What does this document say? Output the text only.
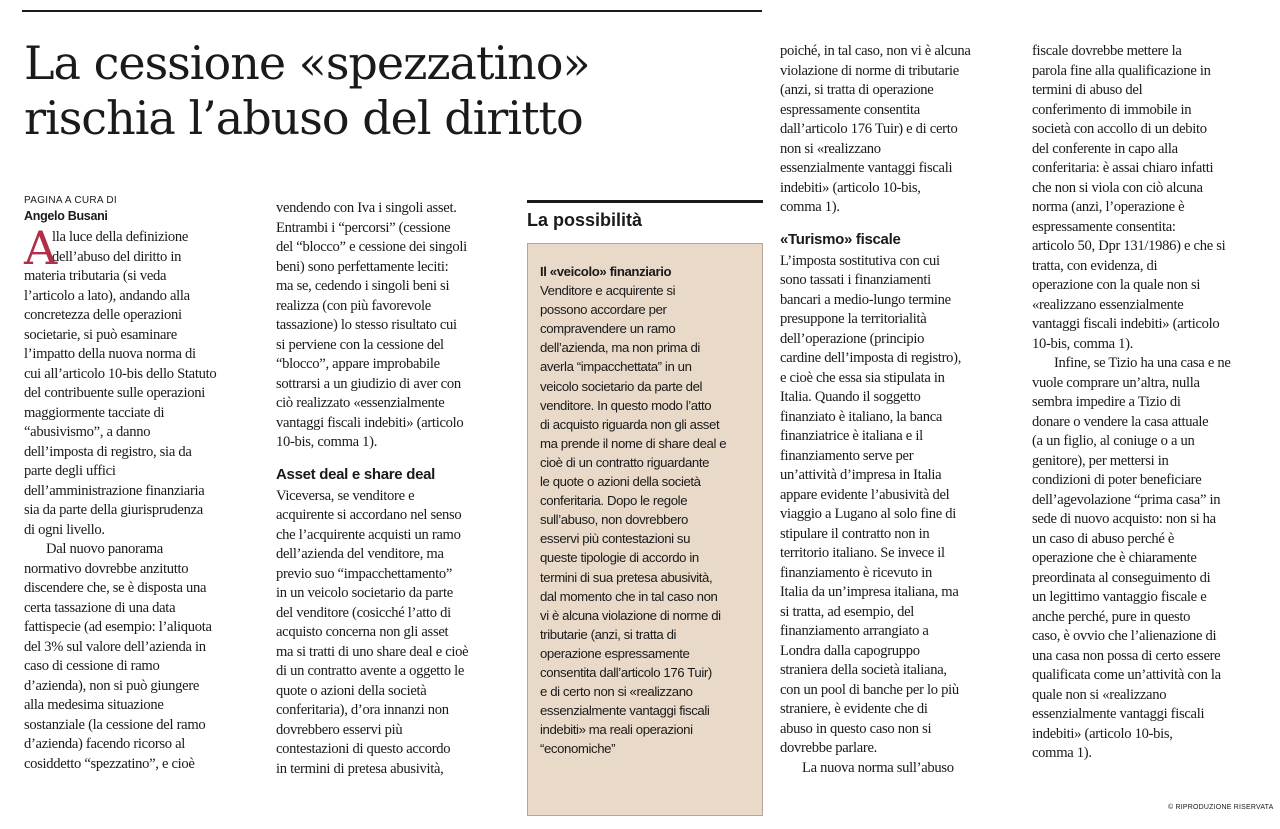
La cessione «spezzatino»
rischia l’abuso del diritto
PAGINA A CURA DI
Angelo Busani
A
lla luce della definizione
dell’abuso del diritto in
materia tributaria (si veda
l’articolo a lato), andando alla
concretezza delle operazioni
societarie, si può esaminare
l’impatto della nuova norma di
cui all’articolo 10-bis dello Statuto
del contribuente sulle operazioni
maggiormente tacciate di
“abusivismo”, a danno
dell’imposta di registro, sia da
parte degli uffici
dell’amministrazione finanziaria
sia da parte della giurisprudenza
di ogni livello.
Dal nuovo panorama
normativo dovrebbe anzitutto
discendere che, se è disposta una
certa tassazione di una data
fattispecie (ad esempio: l’aliquota
del 3% sul valore dell’azienda in
caso di cessione di ramo
d’azienda), non si può giungere
alla medesima situazione
sostanziale (la cessione del ramo
d’azienda) facendo ricorso al
cosiddetto “spezzatino”, e cioè
vendendo con Iva i singoli asset.
Entrambi i “percorsi” (cessione
del “blocco” e cessione dei singoli
beni) sono perfettamente leciti:
ma se, cedendo i singoli beni si
realizza (con più favorevole
tassazione) lo stesso risultato cui
si perviene con la cessione del
“blocco”, appare improbabile
sottrarsi a un giudizio di aver con
ciò realizzato «essenzialmente
vantaggi fiscali indebiti» (articolo
10-bis, comma 1).
Asset deal e share deal
Viceversa, se venditore e
acquirente si accordano nel senso
che l’acquirente acquisti un ramo
dell’azienda del venditore, ma
previo suo “impacchettamento”
in un veicolo societario da parte
del venditore (cosicché l’atto di
acquisto concerna non gli asset
ma si tratti di uno share deal e cioè
di un contratto avente a oggetto le
quote o azioni della società
conferitaria), d’ora innanzi non
dovrebbero esservi più
contestazioni di questo accordo
in termini di pretesa abusività,
La possibilità
Il «veicolo» finanziario
Venditore e acquirente si
possono accordare per
compravendere un ramo
dell’azienda, ma non prima di
averla “impacchettata” in un
veicolo societario da parte del
venditore. In questo modo l’atto
di acquisto riguarda non gli asset
ma prende il nome di share deal e
cioè di un contratto riguardante
le quote o azioni della società
conferitaria. Dopo le regole
sull’abuso, non dovrebbero
esservi più contestazioni su
queste tipologie di accordo in
termini di sua pretesa abusività,
dal momento che in tal caso non
vi è alcuna violazione di norme di
tributarie (anzi, si tratta di
operazione espressamente
consentita dall’articolo 176 Tuir)
e di certo non si «realizzano
essenzialmente vantaggi fiscali
indebiti» ma reali operazioni
“economiche”
poiché, in tal caso, non vi è alcuna
violazione di norme di tributarie
(anzi, si tratta di operazione
espressamente consentita
dall’articolo 176 Tuir) e di certo
non si «realizzano
essenzialmente vantaggi fiscali
indebiti» (articolo 10-bis,
comma 1).
«Turismo» fiscale
L’imposta sostitutiva con cui
sono tassati i finanziamenti
bancari a medio-lungo termine
presuppone la territorialità
dell’operazione (principio
cardine dell’imposta di registro),
e cioè che essa sia stipulata in
Italia. Quando il soggetto
finanziato è italiano, la banca
finanziatrice è italiana e il
finanziamento serve per
un’attività d’impresa in Italia
appare evidente l’abusività del
viaggio a Lugano al solo fine di
stipulare il contratto non in
territorio italiano. Se invece il
finanziamento è ricevuto in
Italia da un’impresa italiana, ma
si tratta, ad esempio, del
finanziamento arrangiato a
Londra dalla capogruppo
straniera della società italiana,
con un pool di banche per lo più
straniere, è evidente che di
abuso in questo caso non si
dovrebbe parlare.
La nuova norma sull’abuso
fiscale dovrebbe mettere la
parola fine alla qualificazione in
termini di abuso del
conferimento di immobile in
società con accollo di un debito
del conferente in capo alla
conferitaria: è assai chiaro infatti
che non si viola con ciò alcuna
norma (anzi, l’operazione è
espressamente consentita:
articolo 50, Dpr 131/1986) e che si
tratta, con evidenza, di
operazione con la quale non si
«realizzano essenzialmente
vantaggi fiscali indebiti» (articolo
10-bis, comma 1).
Infine, se Tizio ha una casa e ne
vuole comprare un’altra, nulla
sembra impedire a Tizio di
donare o vendere la casa attuale
(a un figlio, al coniuge o a un
genitore), per mettersi in
condizioni di poter beneficiare
dell’agevolazione “prima casa” in
sede di nuovo acquisto: non si ha
un caso di abuso perché è
operazione che è chiaramente
preordinata al conseguimento di
un legittimo vantaggio fiscale e
anche perché, pure in questo
caso, è ovvio che l’alienazione di
una casa non possa di certo essere
qualificata come un’attività con la
quale non si «realizzano
essenzialmente vantaggi fiscali
indebiti» (articolo 10-bis,
comma 1).
© RIPRODUZIONE RISERVATA
